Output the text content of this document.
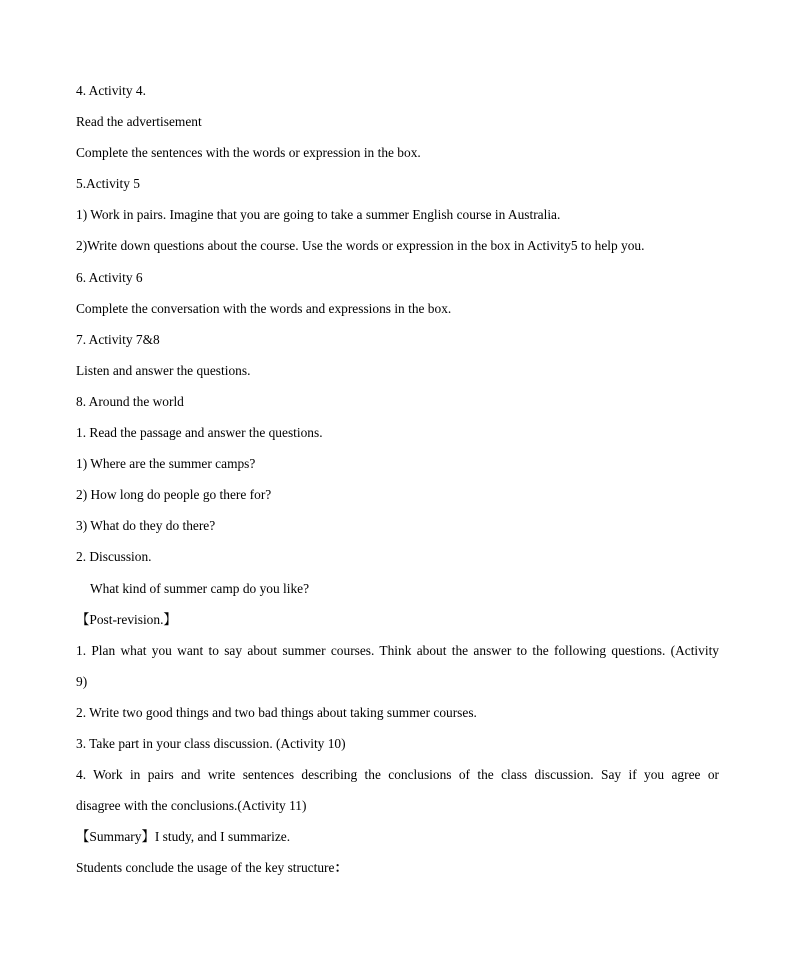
4. Activity 4.
Read the advertisement
Complete the sentences with the words or expression in the box.
5.Activity 5
1) Work in pairs. Imagine that you are going to take a summer English course in Australia.
2)Write down questions about the course. Use the words or expression in the box in Activity5 to help you.
6. Activity 6
Complete the conversation with the words and expressions in the box.
7. Activity 7&8
Listen and answer the questions.
8. Around the world
1. Read the passage and answer the questions.
1) Where are the summer camps?
2) How long do people go there for?
3) What do they do there?
2. Discussion.
What kind of summer camp do you like?
【Post-revision.】
1. Plan what you want to say about summer courses. Think about the answer to the following questions. (Activity
9)
2. Write two good things and two bad things about taking summer courses.
3. Take part in your class discussion. (Activity 10)
4. Work in pairs and write sentences describing the conclusions of the class discussion. Say if you agree or
disagree with the conclusions.(Activity 11)
【Summary】I study, and I summarize.
Students conclude the usage of the key structure：
